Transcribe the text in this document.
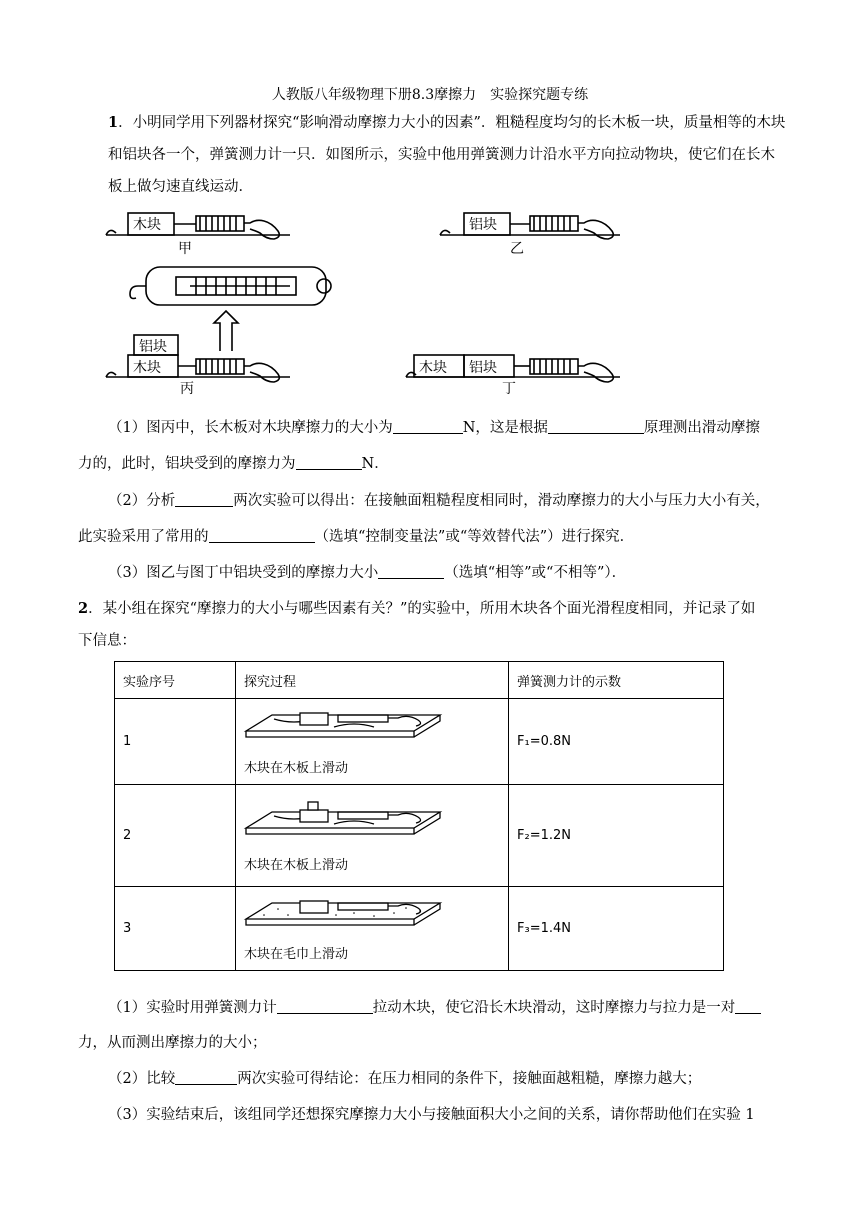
人教版八年级物理下册8.3摩擦力　实验探究题专练
1．小明同学用下列器材探究“影响滑动摩擦力大小的因素”．粗糙程度均匀的长木板一块，质量相等的木块
和铝块各一个，弹簧测力计一只．如图所示，实验中他用弹簧测力计沿水平方向拉动物块，使它们在长木
板上做匀速直线运动．
木块
甲
铝块
乙
铝块
木块
丙
木块 铝块
丁
（1）图丙中，长木板对木块摩擦力的大小为	N，这是根据	原理测出滑动摩擦
力的，此时，铝块受到的摩擦力为	N．
（2）分析	两次实验可以得出：在接触面粗糙程度相同时，滑动摩擦力的大小与压力大小有关，
此实验采用了常用的	（选填“控制变量法”或“等效替代法”）进行探究．
（3）图乙与图丁中铝块受到的摩擦力大小	（选填“相等”或“不相等”）．
2．某小组在探究“摩擦力的大小与哪些因素有关？”的实验中，所用木块各个面光滑程度相同，并记录了如
下信息：
实验序号	探究过程	弹簧测力计的示数
1	木块在木板上滑动	F₁=0.8N
2	木块在木板上滑动	F₂=1.2N
3	木块在毛巾上滑动	F₃=1.4N
（1）实验时用弹簧测力计	拉动木块，使它沿长木块滑动，这时摩擦力与拉力是一对
力，从而测出摩擦力的大小；
（2）比较	两次实验可得结论：在压力相同的条件下，接触面越粗糙，摩擦力越大；
（3）实验结束后，该组同学还想探究摩擦力大小与接触面积大小之间的关系，请你帮助他们在实验 1
